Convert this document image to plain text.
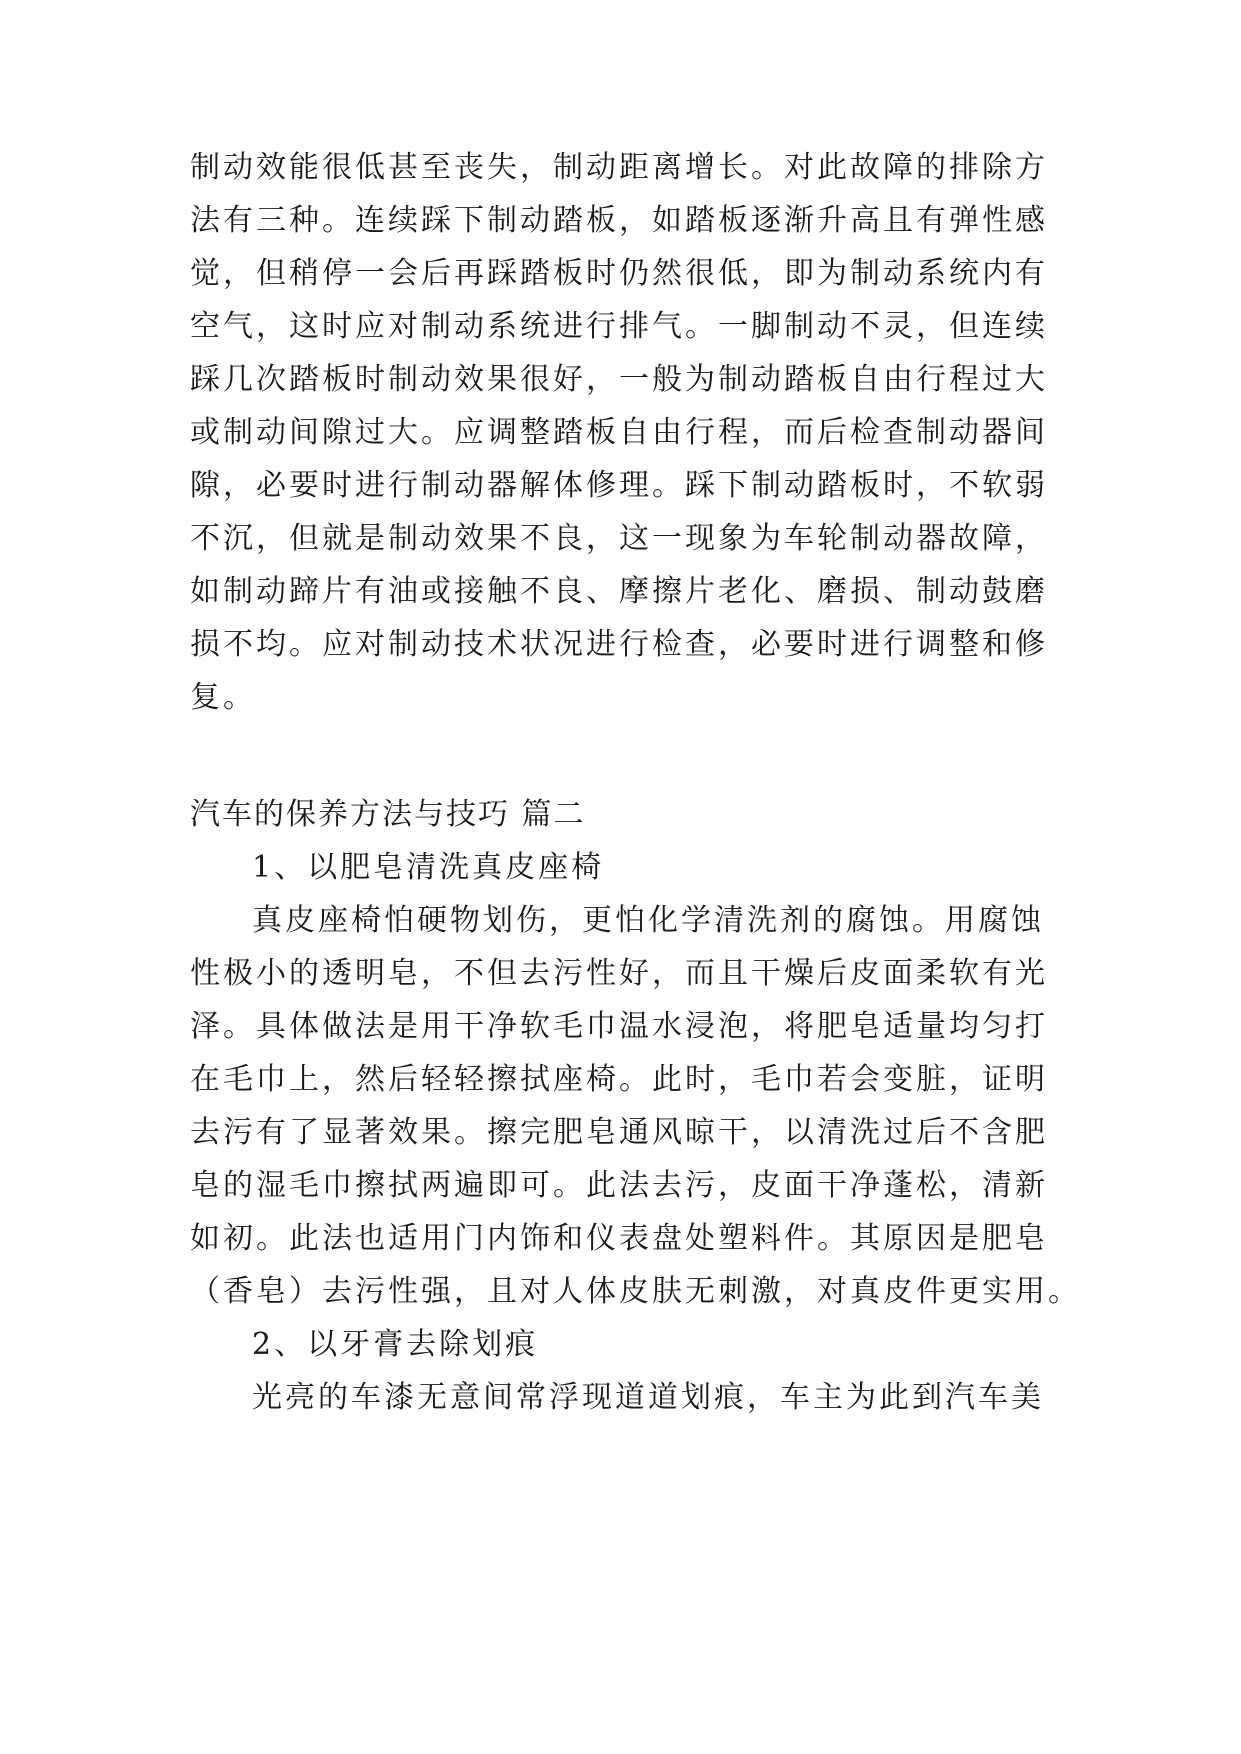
制动效能很低甚至丧失，制动距离增长。对此故障的排除方
法有三种。连续踩下制动踏板，如踏板逐渐升高且有弹性感
觉，但稍停一会后再踩踏板时仍然很低，即为制动系统内有
空气，这时应对制动系统进行排气。一脚制动不灵，但连续
踩几次踏板时制动效果很好，一般为制动踏板自由行程过大
或制动间隙过大。应调整踏板自由行程，而后检查制动器间
隙，必要时进行制动器解体修理。踩下制动踏板时，不软弱
不沉，但就是制动效果不良，这一现象为车轮制动器故障，
如制动蹄片有油或接触不良、摩擦片老化、磨损、制动鼓磨
损不均。应对制动技术状况进行检查，必要时进行调整和修
复。
汽车的保养方法与技巧 篇二
1、以肥皂清洗真皮座椅
真皮座椅怕硬物划伤，更怕化学清洗剂的腐蚀。用腐蚀
性极小的透明皂，不但去污性好，而且干燥后皮面柔软有光
泽。具体做法是用干净软毛巾温水浸泡，将肥皂适量均匀打
在毛巾上，然后轻轻擦拭座椅。此时，毛巾若会变脏，证明
去污有了显著效果。擦完肥皂通风晾干，以清洗过后不含肥
皂的湿毛巾擦拭两遍即可。此法去污，皮面干净蓬松，清新
如初。此法也适用门内饰和仪表盘处塑料件。其原因是肥皂
（香皂）去污性强，且对人体皮肤无刺激，对真皮件更实用。
2、以牙膏去除划痕
光亮的车漆无意间常浮现道道划痕，车主为此到汽车美
